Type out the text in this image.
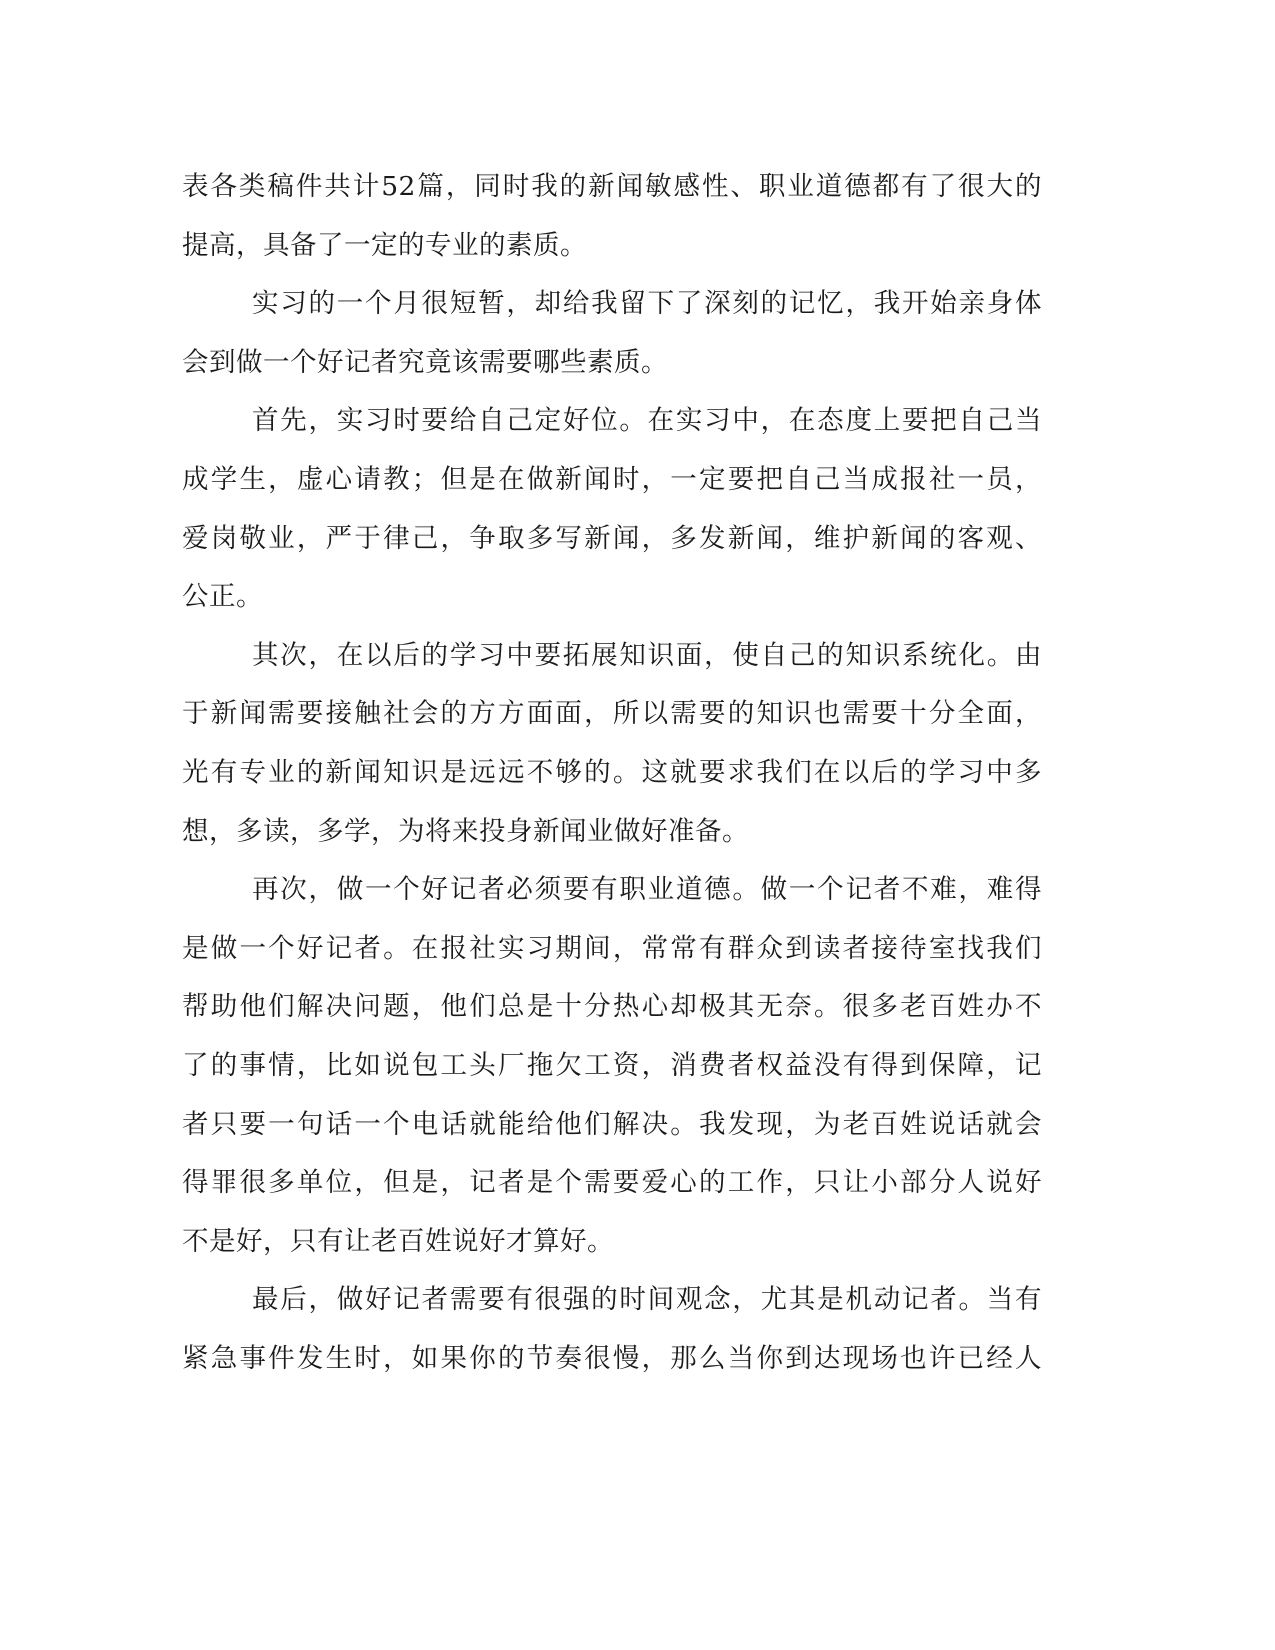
表各类稿件共计52篇，同时我的新闻敏感性、职业道德都有了很大的
提高，具备了一定的专业的素质。
实习的一个月很短暂，却给我留下了深刻的记忆，我开始亲身体
会到做一个好记者究竟该需要哪些素质。
首先，实习时要给自己定好位。在实习中，在态度上要把自己当
成学生，虚心请教；但是在做新闻时，一定要把自己当成报社一员，
爱岗敬业，严于律己，争取多写新闻，多发新闻，维护新闻的客观、
公正。
其次，在以后的学习中要拓展知识面，使自己的知识系统化。由
于新闻需要接触社会的方方面面，所以需要的知识也需要十分全面，
光有专业的新闻知识是远远不够的。这就要求我们在以后的学习中多
想，多读，多学，为将来投身新闻业做好准备。
再次，做一个好记者必须要有职业道德。做一个记者不难，难得
是做一个好记者。在报社实习期间，常常有群众到读者接待室找我们
帮助他们解决问题，他们总是十分热心却极其无奈。很多老百姓办不
了的事情，比如说包工头厂拖欠工资，消费者权益没有得到保障，记
者只要一句话一个电话就能给他们解决。我发现，为老百姓说话就会
得罪很多单位，但是，记者是个需要爱心的工作，只让小部分人说好
不是好，只有让老百姓说好才算好。
最后，做好记者需要有很强的时间观念，尤其是机动记者。当有
紧急事件发生时，如果你的节奏很慢，那么当你到达现场也许已经人
